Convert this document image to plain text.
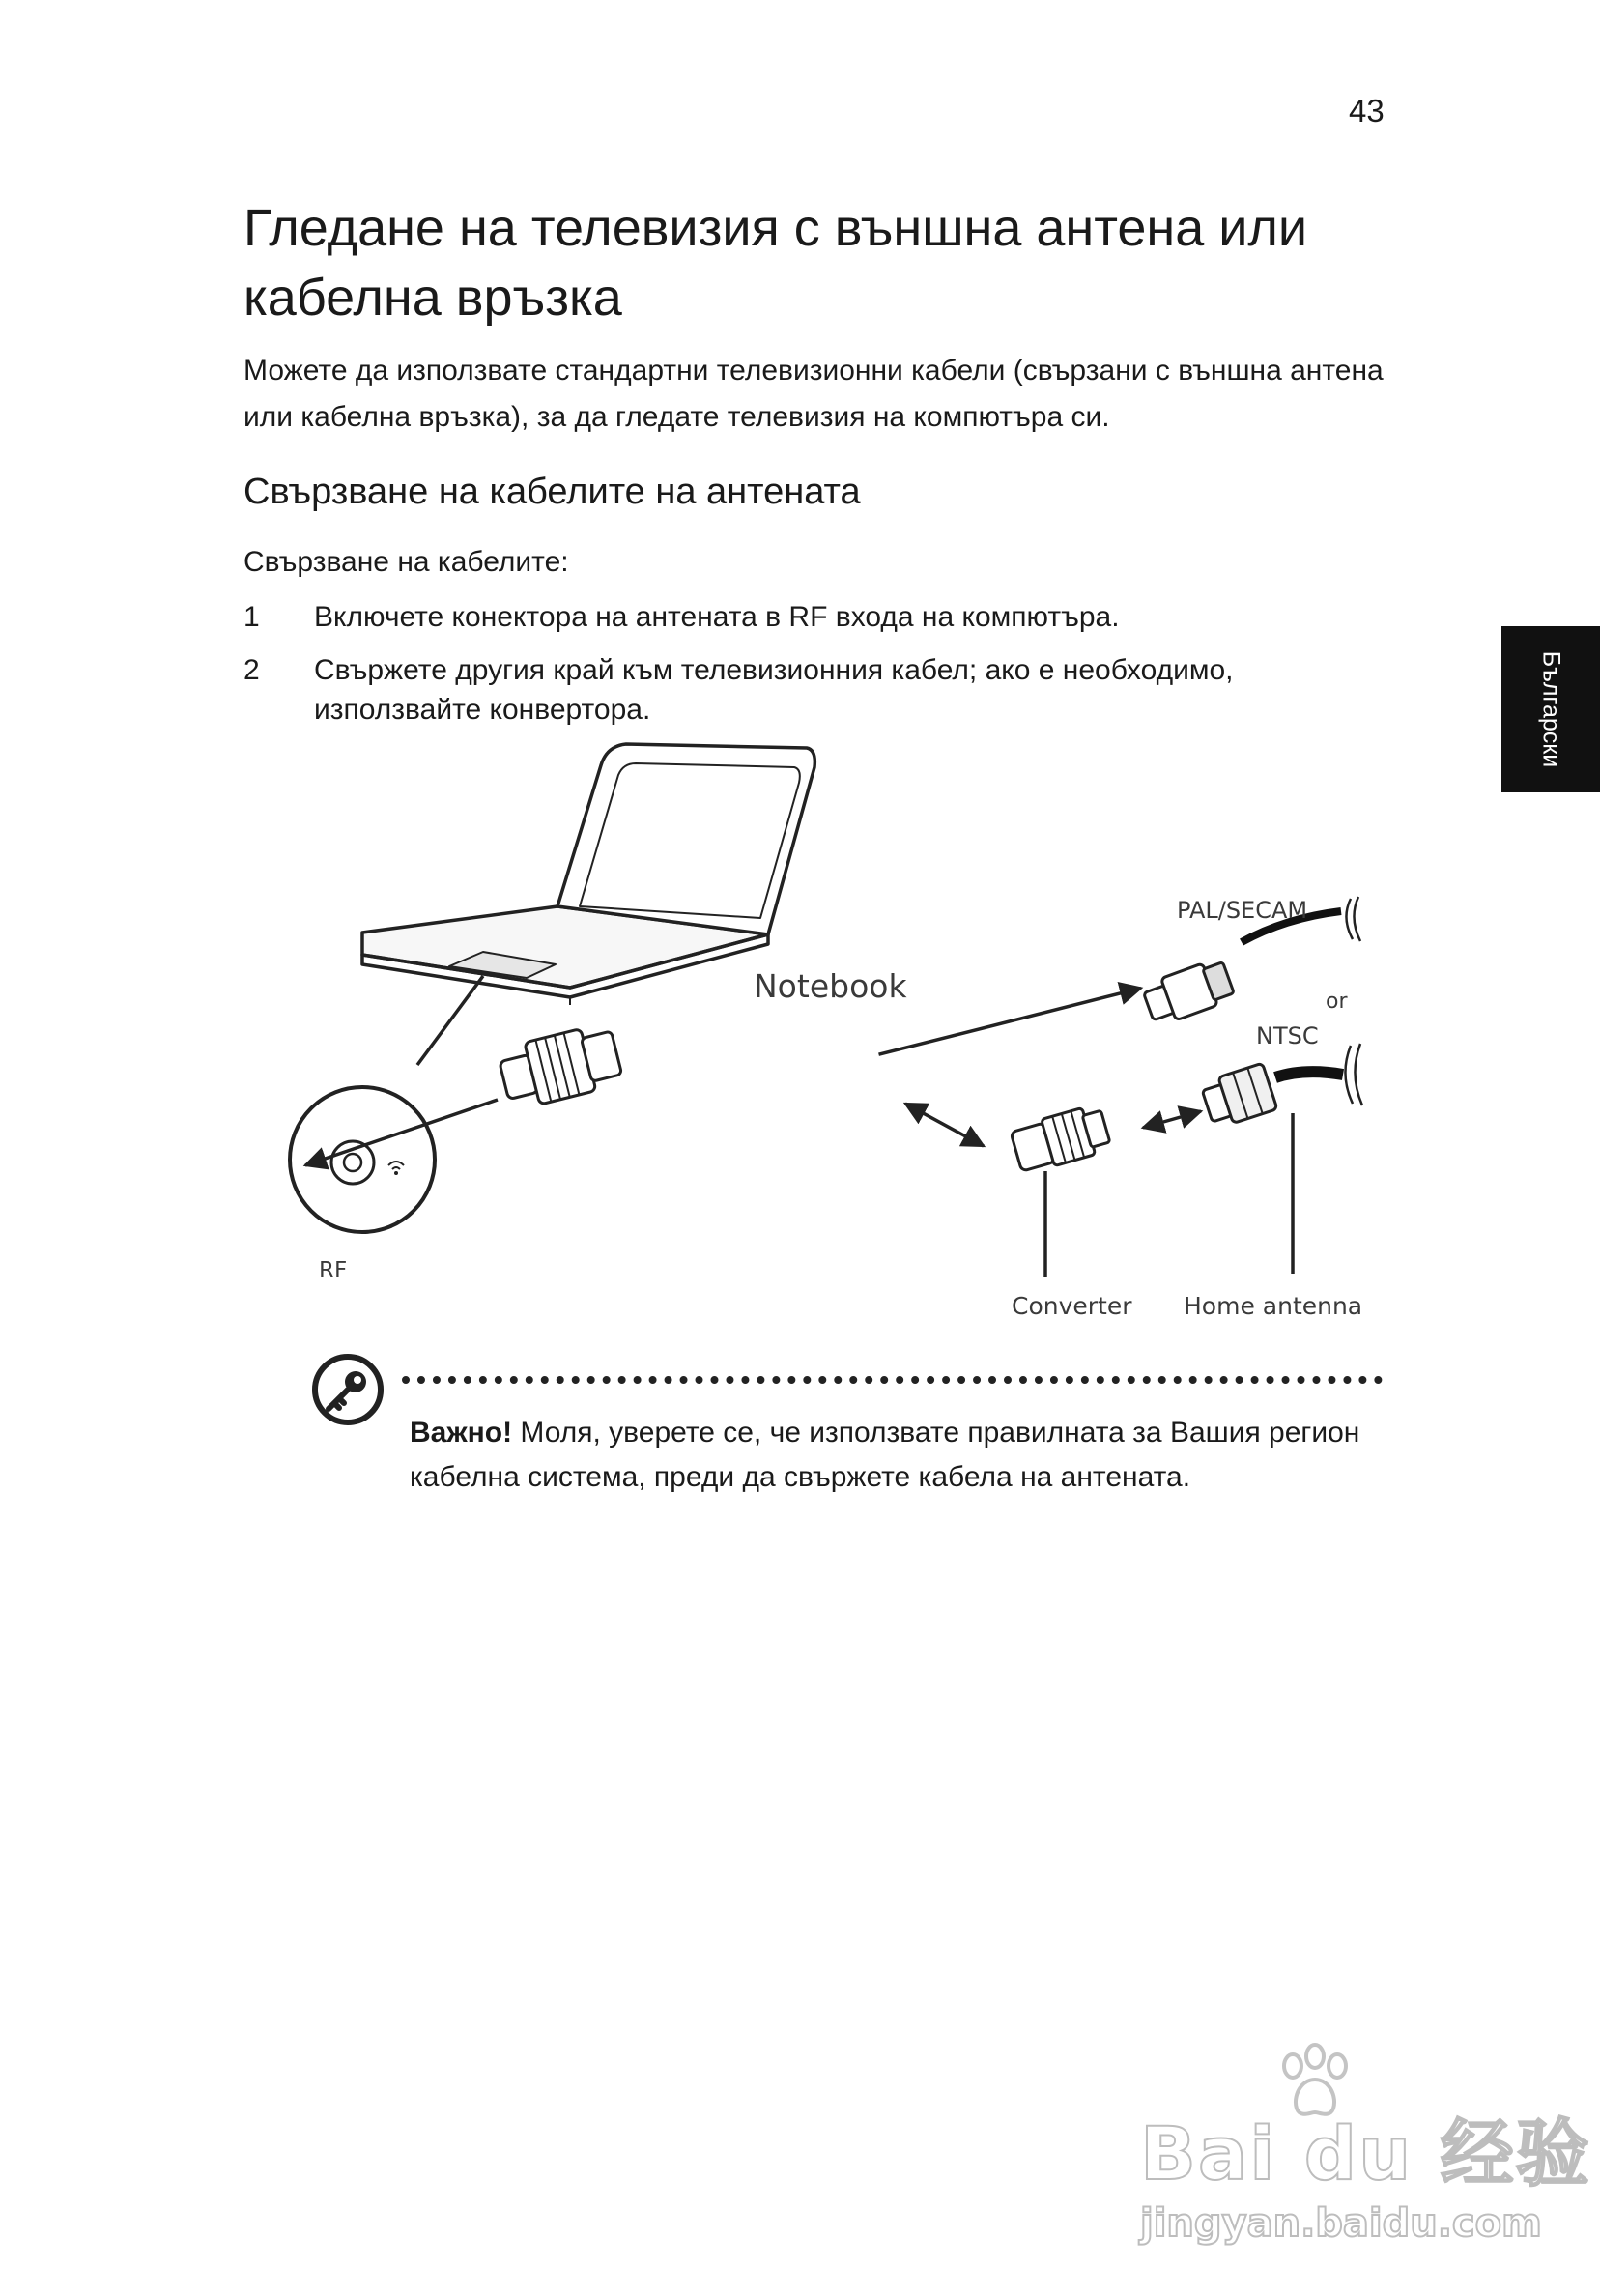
43
Български
Гледане на телевизия с външна антена или кабелна връзка

Можете да използвате стандартни телевизионни кабели (свързани с външна антена или кабелна връзка), за да гледате телевизия на компютъра си.

Свързване на кабелите на антената

Свързване на кабелите:

1	Включете конектора на антената в RF входа на компютъра.
2	Свържете другия край към телевизионния кабел; ако е необходимо, използвайте конвертора.
Notebook
PAL/SECAM
or
NTSC
RF
Converter Home antenna

Важно! Моля, уверете се, че използвате правилната за Вашия регион кабелна система, преди да свържете кабела на антената.

Bai du 经验
jingyan.baidu.com
